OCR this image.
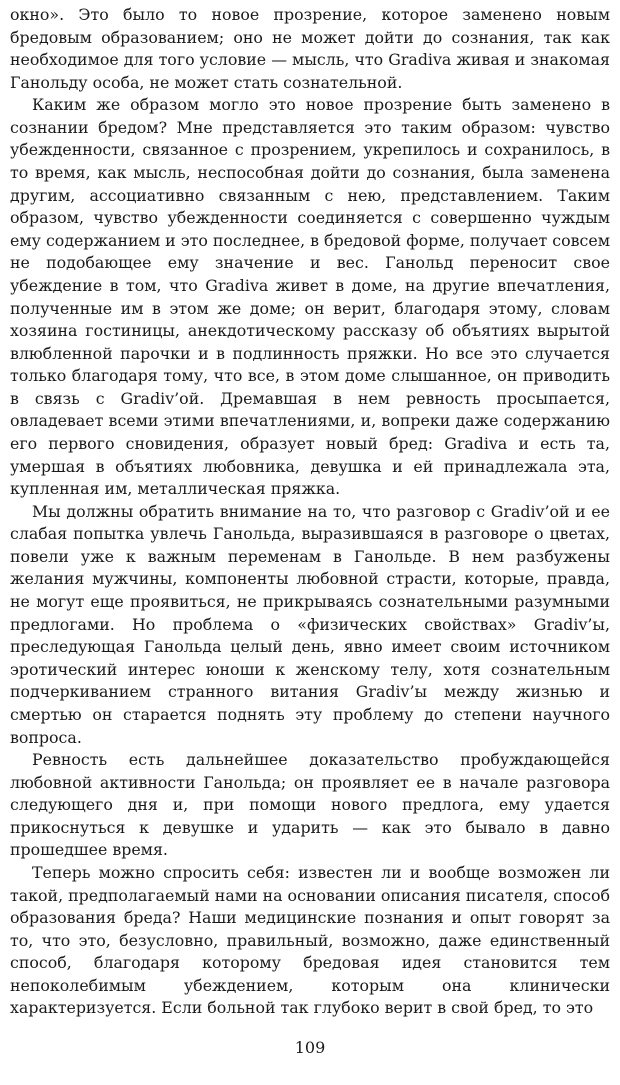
окно». Это было то новое прозрение, которое заменено новым бредовым образованием; оно не может дойти до сознания, так как необходимое для того условие — мысль, что Gradiva живая и знакомая Ганольду особа, не может стать сознательной.

Каким же образом могло это новое прозрение быть заменено в сознании бредом? Мне представляется это таким образом: чувство убежденности, связанное с прозрением, укрепилось и сохранилось, в то время, как мысль, неспособная дойти до сознания, была заменена другим, ассоциативно связанным с нею, представлением. Таким образом, чувство убежденности соединяется с совершенно чуждым ему содержанием и это последнее, в бредовой форме, получает совсем не подобающее ему значение и вес. Ганольд переносит свое убеждение в том, что Gradiva живет в доме, на другие впечатления, полученные им в этом же доме; он верит, благодаря этому, словам хозяина гостиницы, анекдотическому рассказу об объятиях вырытой влюбленной парочки и в подлинность пряжки. Но все это случается только благодаря тому, что все, в этом доме слышанное, он приводить в связь с Gradiv’ой. Дремавшая в нем ревность просыпается, овладевает всеми этими впечатлениями, и, вопреки даже содержанию его первого сновидения, образует новый бред: Gradiva и есть та, умершая в объятиях любовника, девушка и ей принадлежала эта, купленная им, металлическая пряжка.

Мы должны обратить внимание на то, что разговор с Gradiv’ой и ее слабая попытка увлечь Ганольда, выразившаяся в разговоре о цветах, повели уже к важным переменам в Ганольде. В нем разбужены желания мужчины, компоненты любовной страсти, которые, правда, не могут еще проявиться, не прикрываясь сознательными разумными предлогами. Но проблема о «физических свойствах» Gradiv’ы, преследующая Ганольда целый день, явно имеет своим источником эротический интерес юноши к женскому телу, хотя сознательным подчеркиванием странного витания Gradiv’ы между жизнью и смертью он старается поднять эту проблему до степени научного вопроса.

Ревность есть дальнейшее доказательство пробуждающейся любовной активности Ганольда; он проявляет ее в начале разговора следующего дня и, при помощи нового предлога, ему удается прикоснуться к девушке и ударить — как это бывало в давно прошедшее время.

Теперь можно спросить себя: известен ли и вообще возможен ли такой, предполагаемый нами на основании описания писателя, способ образования бреда? Наши медицинские познания и опыт говорят за то, что это, безусловно, правильный, возможно, даже единственный способ, благодаря которому бредовая идея становится тем непоколебимым убеждением, которым она клинически характеризуется. Если больной так глубоко верит в свой бред, то это

109
